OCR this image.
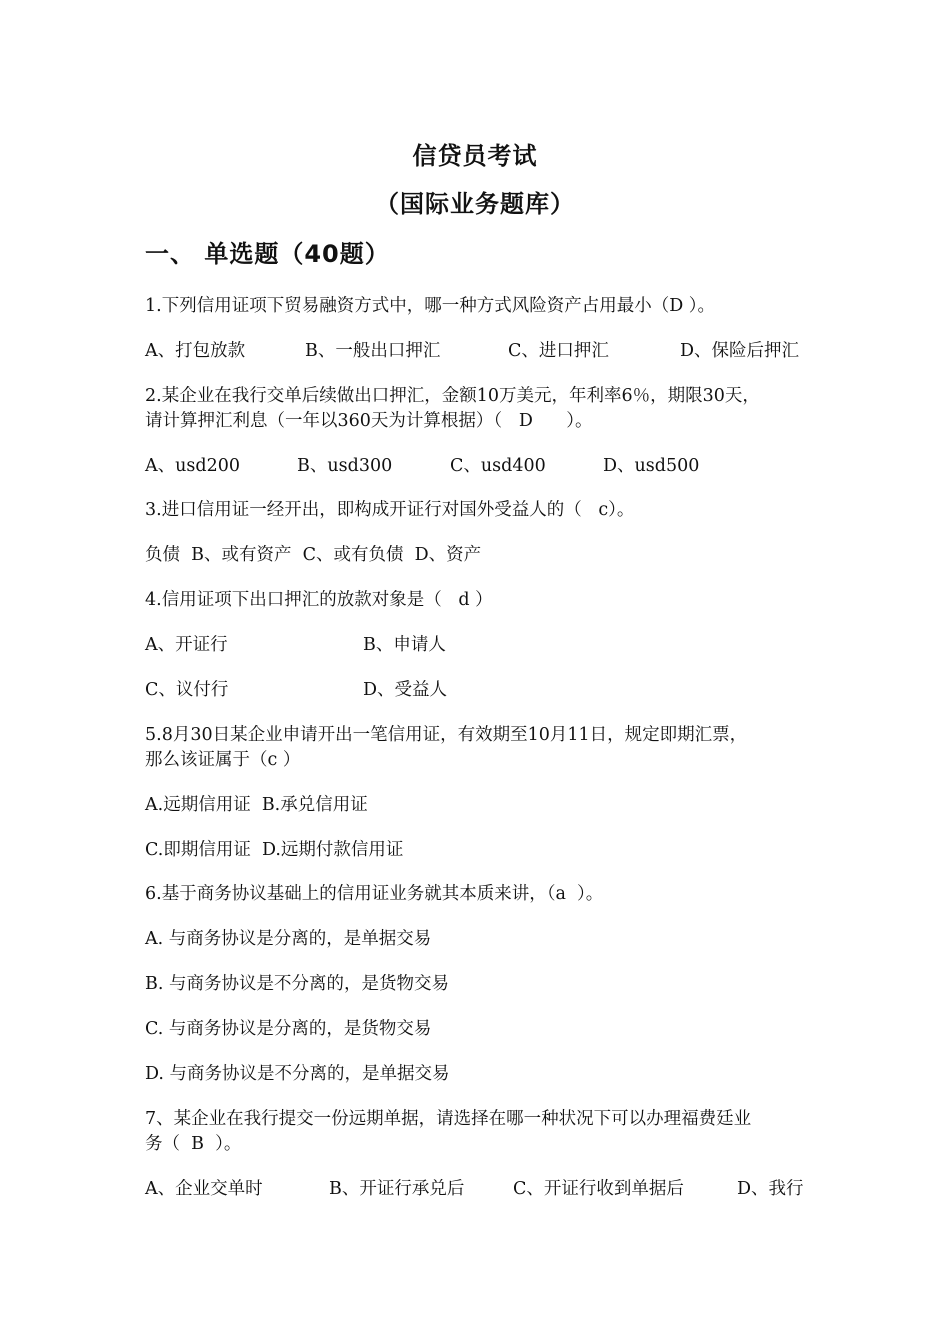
信贷员考试
（国际业务题库）
一、 单选题（40题）
1.下列信用证项下贸易融资方式中，哪一种方式风险资产占用最小（D ）。

A、打包放款

	B、一般出口押汇

	C、进口押汇

	D、保险后押汇

2.某企业在我行交单后续做出口押汇，金额10万美元，年利率6％，期限30天，
请计算押汇利息（一年以360天为计算根据）（   D      ）。

A、usd200

	B、usd300

	C、usd400

	D、usd500

3.进口信用证一经开出，即构成开证行对国外受益人的（   c）。
负债  B、或有资产  C、或有负债  D、资产
4.信用证项下出口押汇的放款对象是（   d ）

A、开证行

	B、申请人

C、议付行

	D、受益人

5.8月30日某企业申请开出一笔信用证，有效期至10月11日，规定即期汇票，
那么该证属于（c ）
A.远期信用证  B.承兑信用证
C.即期信用证  D.远期付款信用证
6.基于商务协议基础上的信用证业务就其本质来讲，（a  ）。
A. 与商务协议是分离的，是单据交易
B. 与商务协议是不分离的，是货物交易
C. 与商务协议是分离的，是货物交易
D. 与商务协议是不分离的，是单据交易
7、某企业在我行提交一份远期单据，请选择在哪一种状况下可以办理福费廷业
务（  B  ）。

A、企业交单时

	B、开证行承兑后

	C、开证行收到单据后

	D、我行
